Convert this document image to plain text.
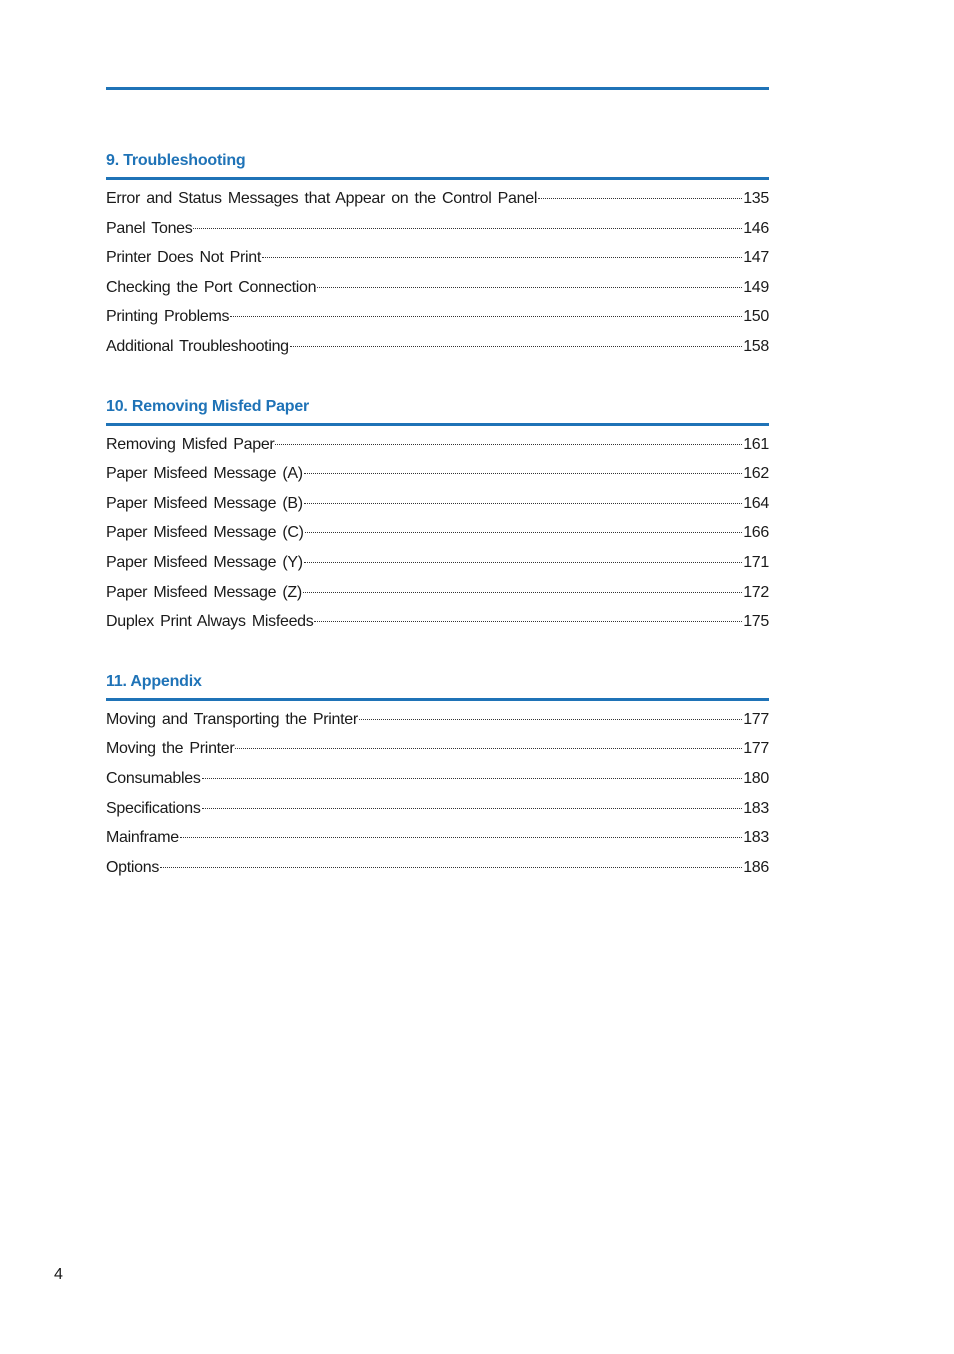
9. Troubleshooting
Error and Status Messages that Appear on the Control Panel	135
Panel Tones	146
Printer Does Not Print	147
Checking the Port Connection	149
Printing Problems	150
Additional Troubleshooting	158
10. Removing Misfed Paper
Removing Misfed Paper	161
Paper Misfeed Message (A)	162
Paper Misfeed Message (B)	164
Paper Misfeed Message (C)	166
Paper Misfeed Message (Y)	171
Paper Misfeed Message (Z)	172
Duplex Print Always Misfeeds	175
11. Appendix
Moving and Transporting the Printer	177
Moving the Printer	177
Consumables	180
Specifications	183
Mainframe	183
Options	186
4
